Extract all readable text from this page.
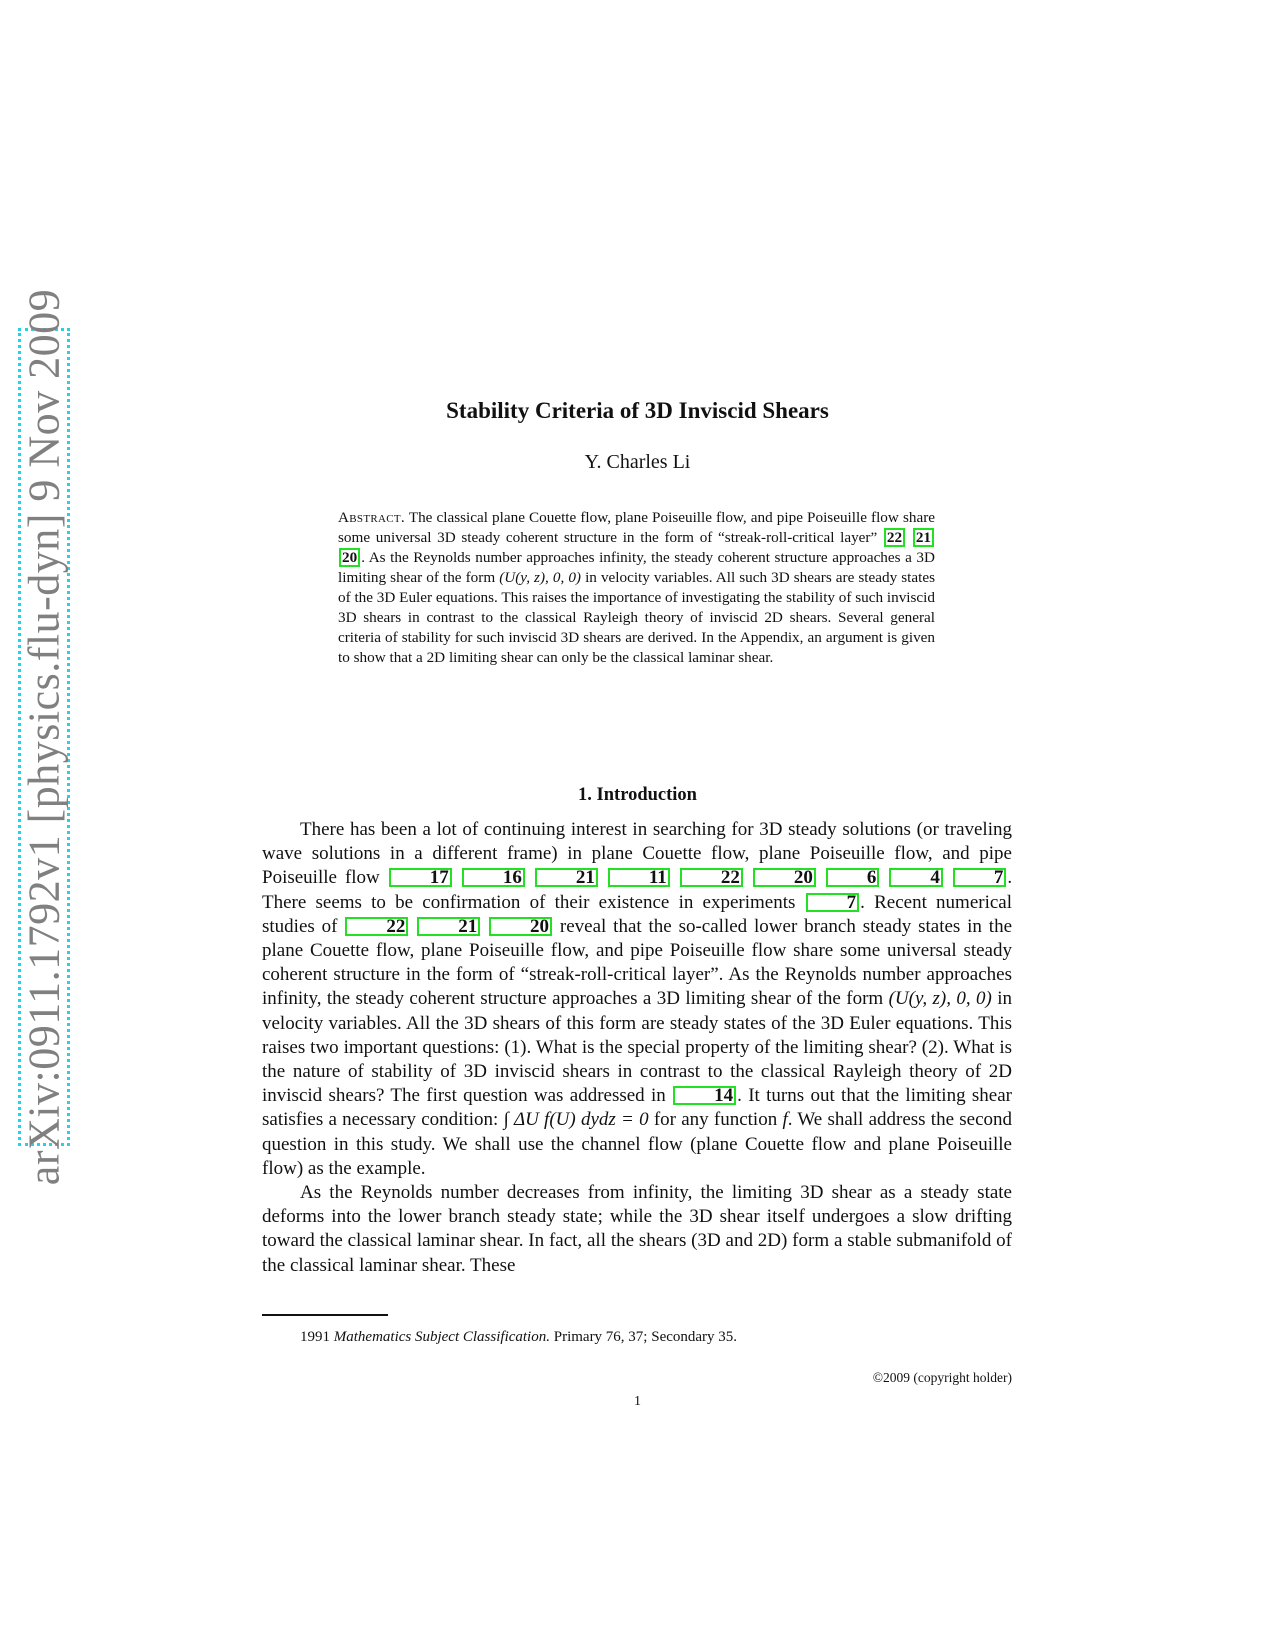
arXiv:0911.1792v1 [physics.flu-dyn] 9 Nov 2009	Stability Criteria of 3D Inviscid Shears
Y. Charles Li
Abstract. The classical plane Couette flow, plane Poiseuille flow, and pipe Poiseuille flow share some universal 3D steady coherent structure in the form of “streak-roll-critical layer” 22 21 20 . As the Reynolds number approaches infinity, the steady coherent structure approaches a 3D limiting shear of the form (U(y, z), 0, 0) in velocity variables. All such 3D shears are steady states of the 3D Euler equations. This raises the importance of investigating the stability of such inviscid 3D shears in contrast to the classical Rayleigh theory of inviscid 2D shears. Several general criteria of stability for such inviscid 3D shears are derived. In the Appendix, an argument is given to show that a 2D limiting shear can only be the classical laminar shear.
1. Introduction

There has been a lot of continuing interest in searching for 3D steady solutions (or traveling wave solutions in a different frame) in plane Couette flow, plane Poiseuille flow, and pipe Poiseuille flow	17	16	21	11	22	20	6	4	7 . There seems to be confirmation of their existence in experiments	7 . Recent numerical studies of	22	21	20 reveal that the so-called lower branch steady states in the plane Couette flow, plane Poiseuille flow, and pipe Poiseuille flow share some universal steady coherent structure in the form of “streak-roll-critical layer”. As the Reynolds number approaches infinity, the steady coherent structure approaches a 3D limiting shear of the form (U(y, z), 0, 0) in velocity variables. All the 3D shears of this form are steady states of the 3D Euler equations. This raises two important questions: (1). What is the special property of the limiting shear? (2). What is the nature of stability of 3D inviscid shears in contrast to the classical Rayleigh theory of 2D inviscid shears? The first question was addressed in	14 . It turns out that the limiting shear satisfies a necessary condition: ∫ ΔU f(U) dydz = 0 for any function f. We shall address the second question in this study. We shall use the channel flow (plane Couette flow and plane Poiseuille flow) as the example.

As the Reynolds number decreases from infinity, the limiting 3D shear as a steady state deforms into the lower branch steady state; while the 3D shear itself undergoes a slow drifting toward the classical laminar shear. In fact, all the shears (3D and 2D) form a stable submanifold of the classical laminar shear. These

1991 Mathematics Subject Classification. Primary 76, 37; Secondary 35.
©2009 (copyright holder)
1
